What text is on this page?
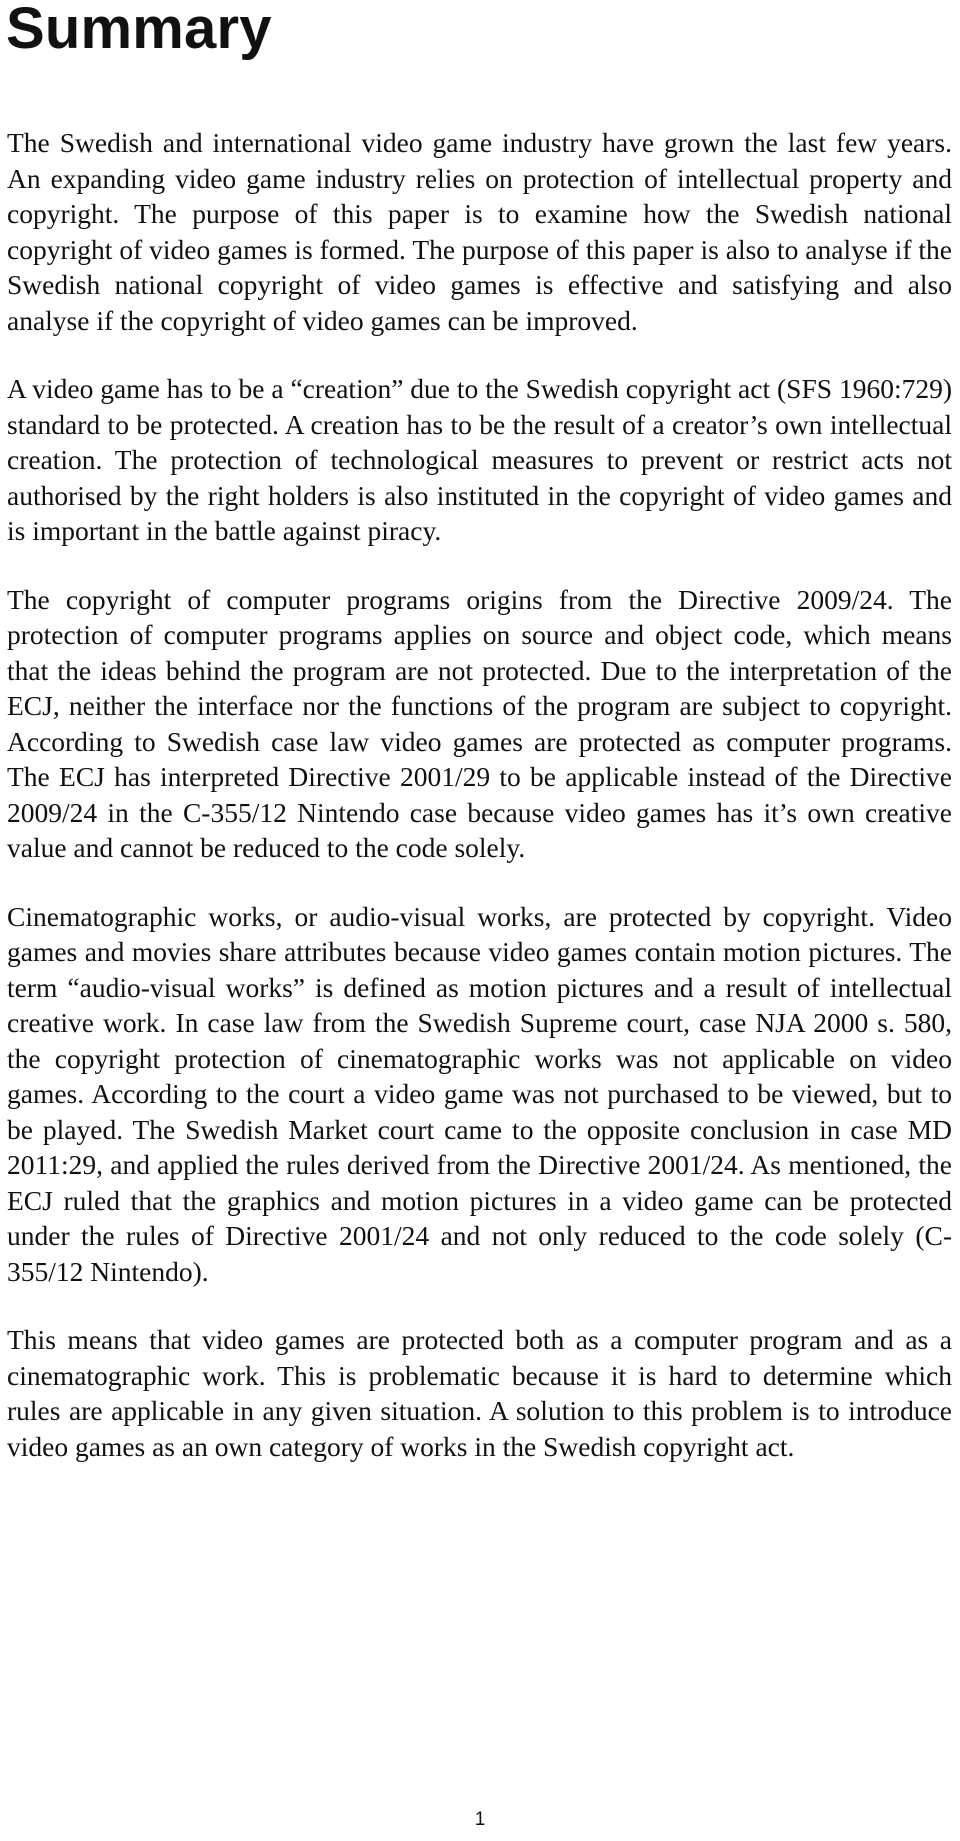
Summary

The Swedish and international video game industry have grown the last few years. An expanding video game industry relies on protection of intellectual property and copyright. The purpose of this paper is to examine how the Swedish national copyright of video games is formed. The purpose of this paper is also to analyse if the Swedish national copyright of video games is effective and satisfying and also analyse if the copyright of video games can be improved.

A video game has to be a “creation” due to the Swedish copyright act (SFS 1960:729) standard to be protected. A creation has to be the result of a creator’s own intellectual creation. The protection of technological measures to prevent or restrict acts not authorised by the right holders is also instituted in the copyright of video games and is important in the battle against piracy.

The copyright of computer programs origins from the Directive 2009/24. The protection of computer programs applies on source and object code, which means that the ideas behind the program are not protected. Due to the interpretation of the ECJ, neither the interface nor the functions of the program are subject to copyright. According to Swedish case law video games are protected as computer programs. The ECJ has interpreted Directive 2001/29 to be applicable instead of the Directive 2009/24 in the C-355/12 Nintendo case because video games has it’s own creative value and cannot be reduced to the code solely.

Cinematographic works, or audio-visual works, are protected by copyright. Video games and movies share attributes because video games contain motion pictures. The term “audio-visual works” is defined as motion pictures and a result of intellectual creative work. In case law from the Swedish Supreme court, case NJA 2000 s. 580, the copyright protection of cinematographic works was not applicable on video games. According to the court a video game was not purchased to be viewed, but to be played. The Swedish Market court came to the opposite conclusion in case MD 2011:29, and applied the rules derived from the Directive 2001/24. As mentioned, the ECJ ruled that the graphics and motion pictures in a video game can be protected under the rules of Directive 2001/24 and not only reduced to the code solely (C-355/12 Nintendo).

This means that video games are protected both as a computer program and as a cinematographic work. This is problematic because it is hard to determine which rules are applicable in any given situation. A solution to this problem is to introduce video games as an own category of works in the Swedish copyright act.

1
